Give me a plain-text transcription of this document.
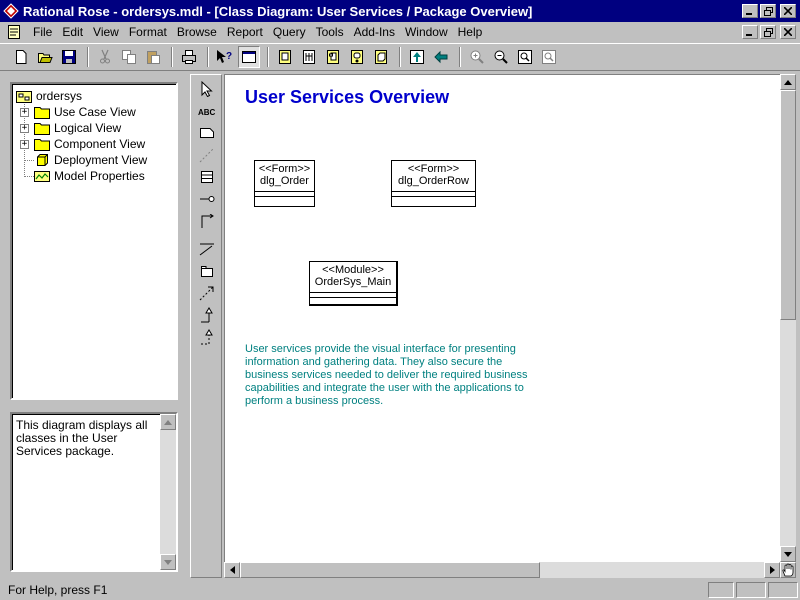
Rational Rose - ordersys.mdl - [Class Diagram: User Services / Package Overview]
File Edit View Format Browse Report Query Tools Add-Ins Window Help
?
ordersys
+ Use Case View
+ Logical View
+ Component View
Deployment View
Model Properties
This diagram displays all classes in the User Services package.
ABC
User Services Overview
<<Form>>
dlg_Order
<<Form>>
dlg_OrderRow
<<Module>>
OrderSys_Main
User services provide the visual interface for presenting information and gathering data. They also secure the business services needed to deliver the required business capabilities and integrate the user with the applications to perform a business process.
For Help, press F1
